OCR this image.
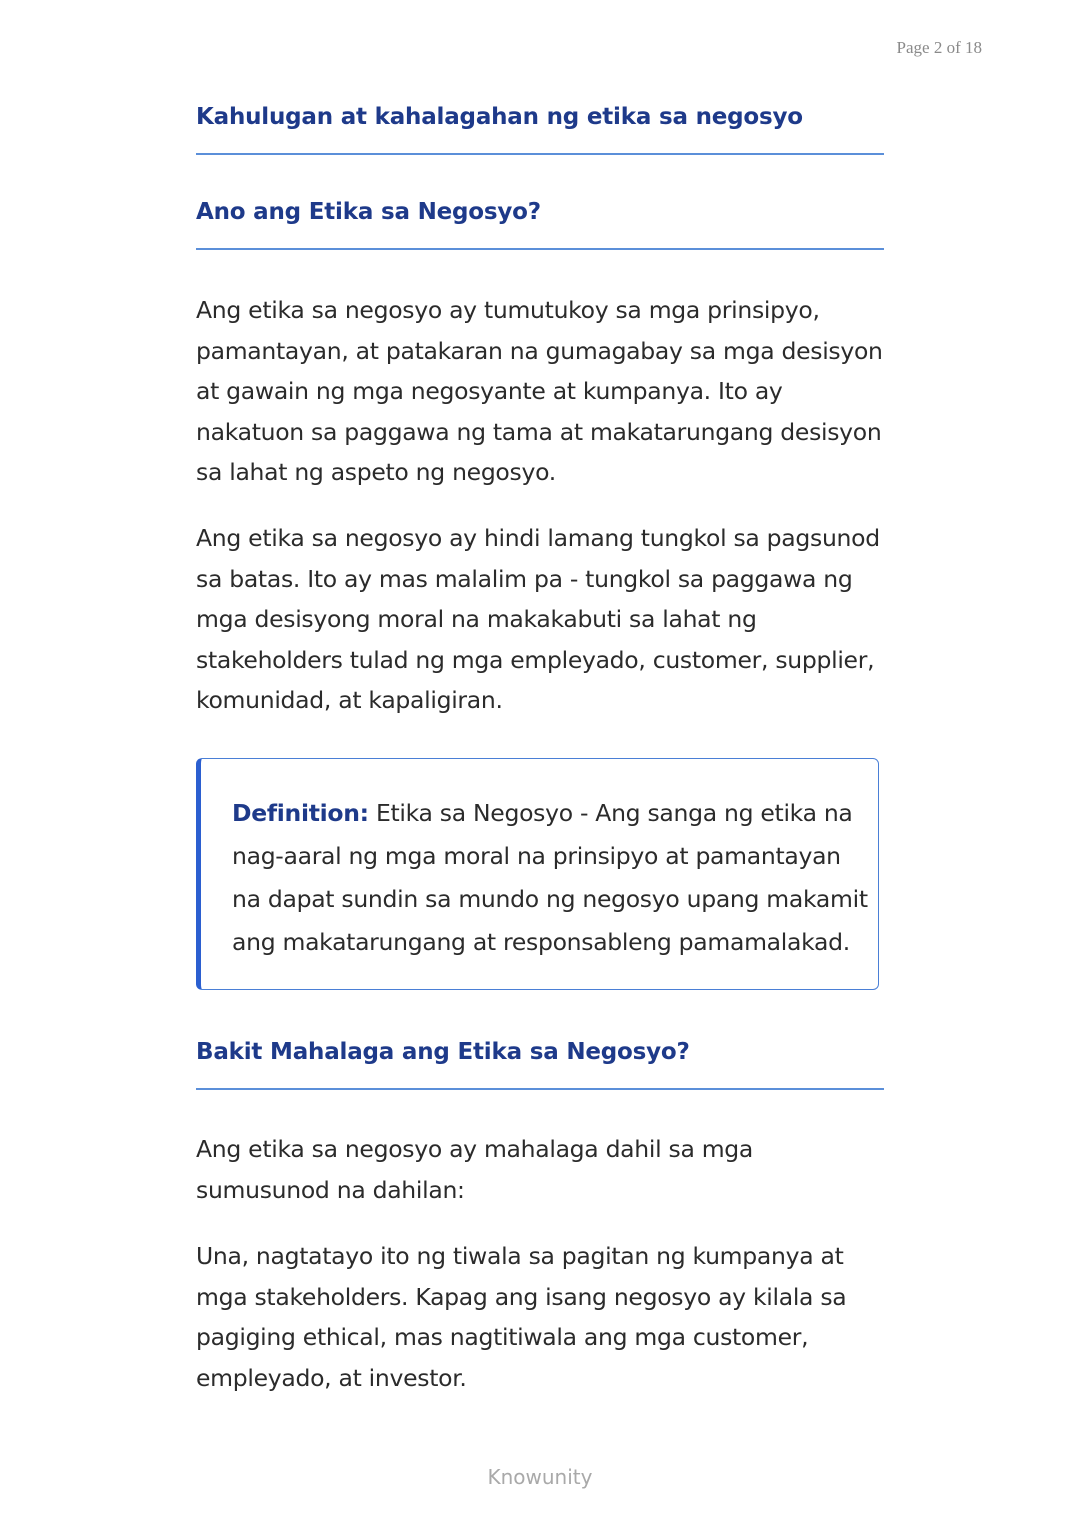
Page 2 of 18
Kahulugan at kahalagahan ng etika sa negosyo
Ano ang Etika sa Negosyo?

Ang etika sa negosyo ay tumutukoy sa mga prinsipyo, pamantayan, at patakaran na gumagabay sa mga desisyon at gawain ng mga negosyante at kumpanya. Ito ay nakatuon sa paggawa ng tama at makatarungang desisyon sa lahat ng aspeto ng negosyo.

Ang etika sa negosyo ay hindi lamang tungkol sa pagsunod sa batas. Ito ay mas malalim pa - tungkol sa paggawa ng mga desisyong moral na makakabuti sa lahat ng stakeholders tulad ng mga empleyado, customer, supplier, komunidad, at kapaligiran.

Definition: Etika sa Negosyo - Ang sanga ng etika na nag-aaral ng mga moral na prinsipyo at pamantayan na dapat sundin sa mundo ng negosyo upang makamit ang makatarungang at responsableng pamamalakad.

Bakit Mahalaga ang Etika sa Negosyo?

Ang etika sa negosyo ay mahalaga dahil sa mga sumusunod na dahilan:

Una, nagtatayo ito ng tiwala sa pagitan ng kumpanya at mga stakeholders. Kapag ang isang negosyo ay kilala sa pagiging ethical, mas nagtitiwala ang mga customer, empleyado, at investor.

Knowunity
